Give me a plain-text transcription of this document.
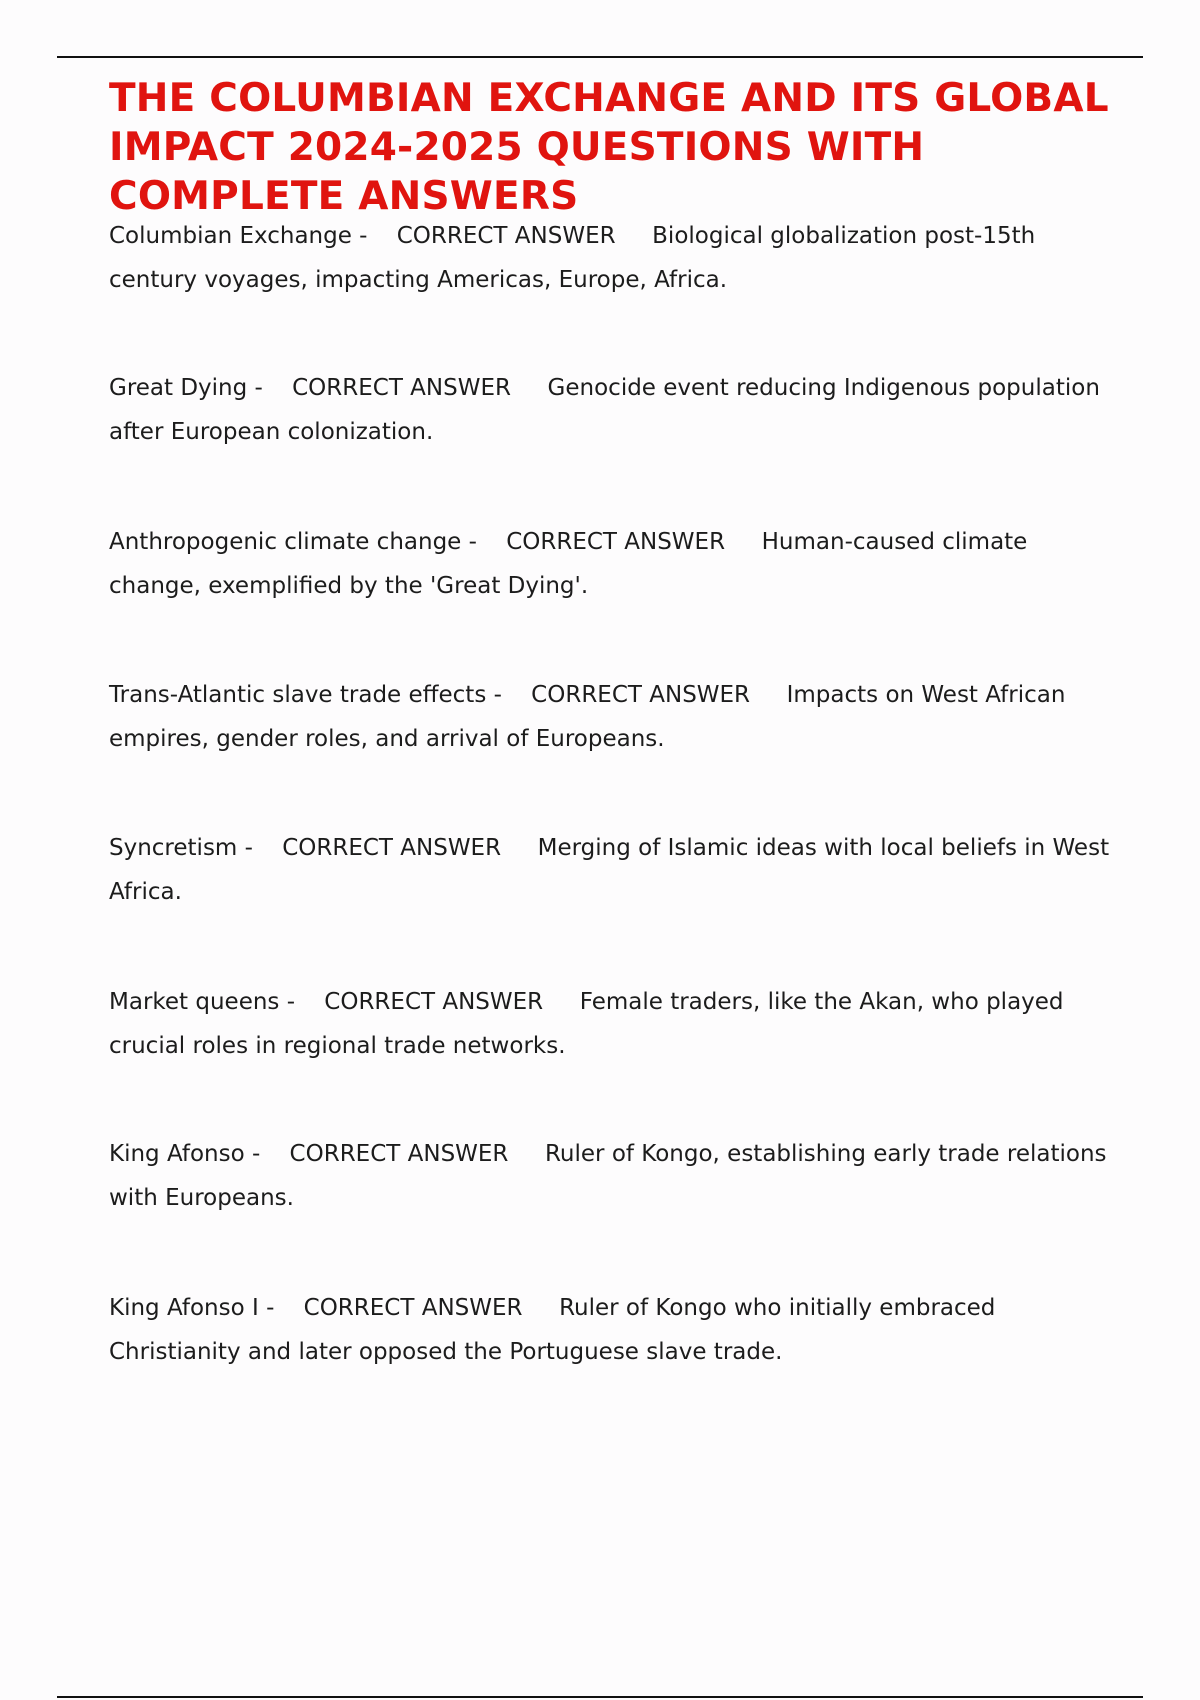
THE COLUMBIAN EXCHANGE AND ITS GLOBAL IMPACT 2024-2025 QUESTIONS WITH COMPLETE ANSWERS
Columbian Exchange -    CORRECT ANSWER Biological globalization post-15th century voyages, impacting Americas, Europe, Africa.
Great Dying -    CORRECT ANSWER Genocide event reducing Indigenous population after European colonization.
Anthropogenic climate change -    CORRECT ANSWER Human-caused climate change, exemplified by the 'Great Dying'.
Trans-Atlantic slave trade effects -    CORRECT ANSWER Impacts on West African empires, gender roles, and arrival of Europeans.
Syncretism -    CORRECT ANSWER Merging of Islamic ideas with local beliefs in West Africa.
Market queens -    CORRECT ANSWER Female traders, like the Akan, who played crucial roles in regional trade networks.
King Afonso -    CORRECT ANSWER Ruler of Kongo, establishing early trade relations with Europeans.
King Afonso I -    CORRECT ANSWER Ruler of Kongo who initially embraced Christianity and later opposed the Portuguese slave trade.
